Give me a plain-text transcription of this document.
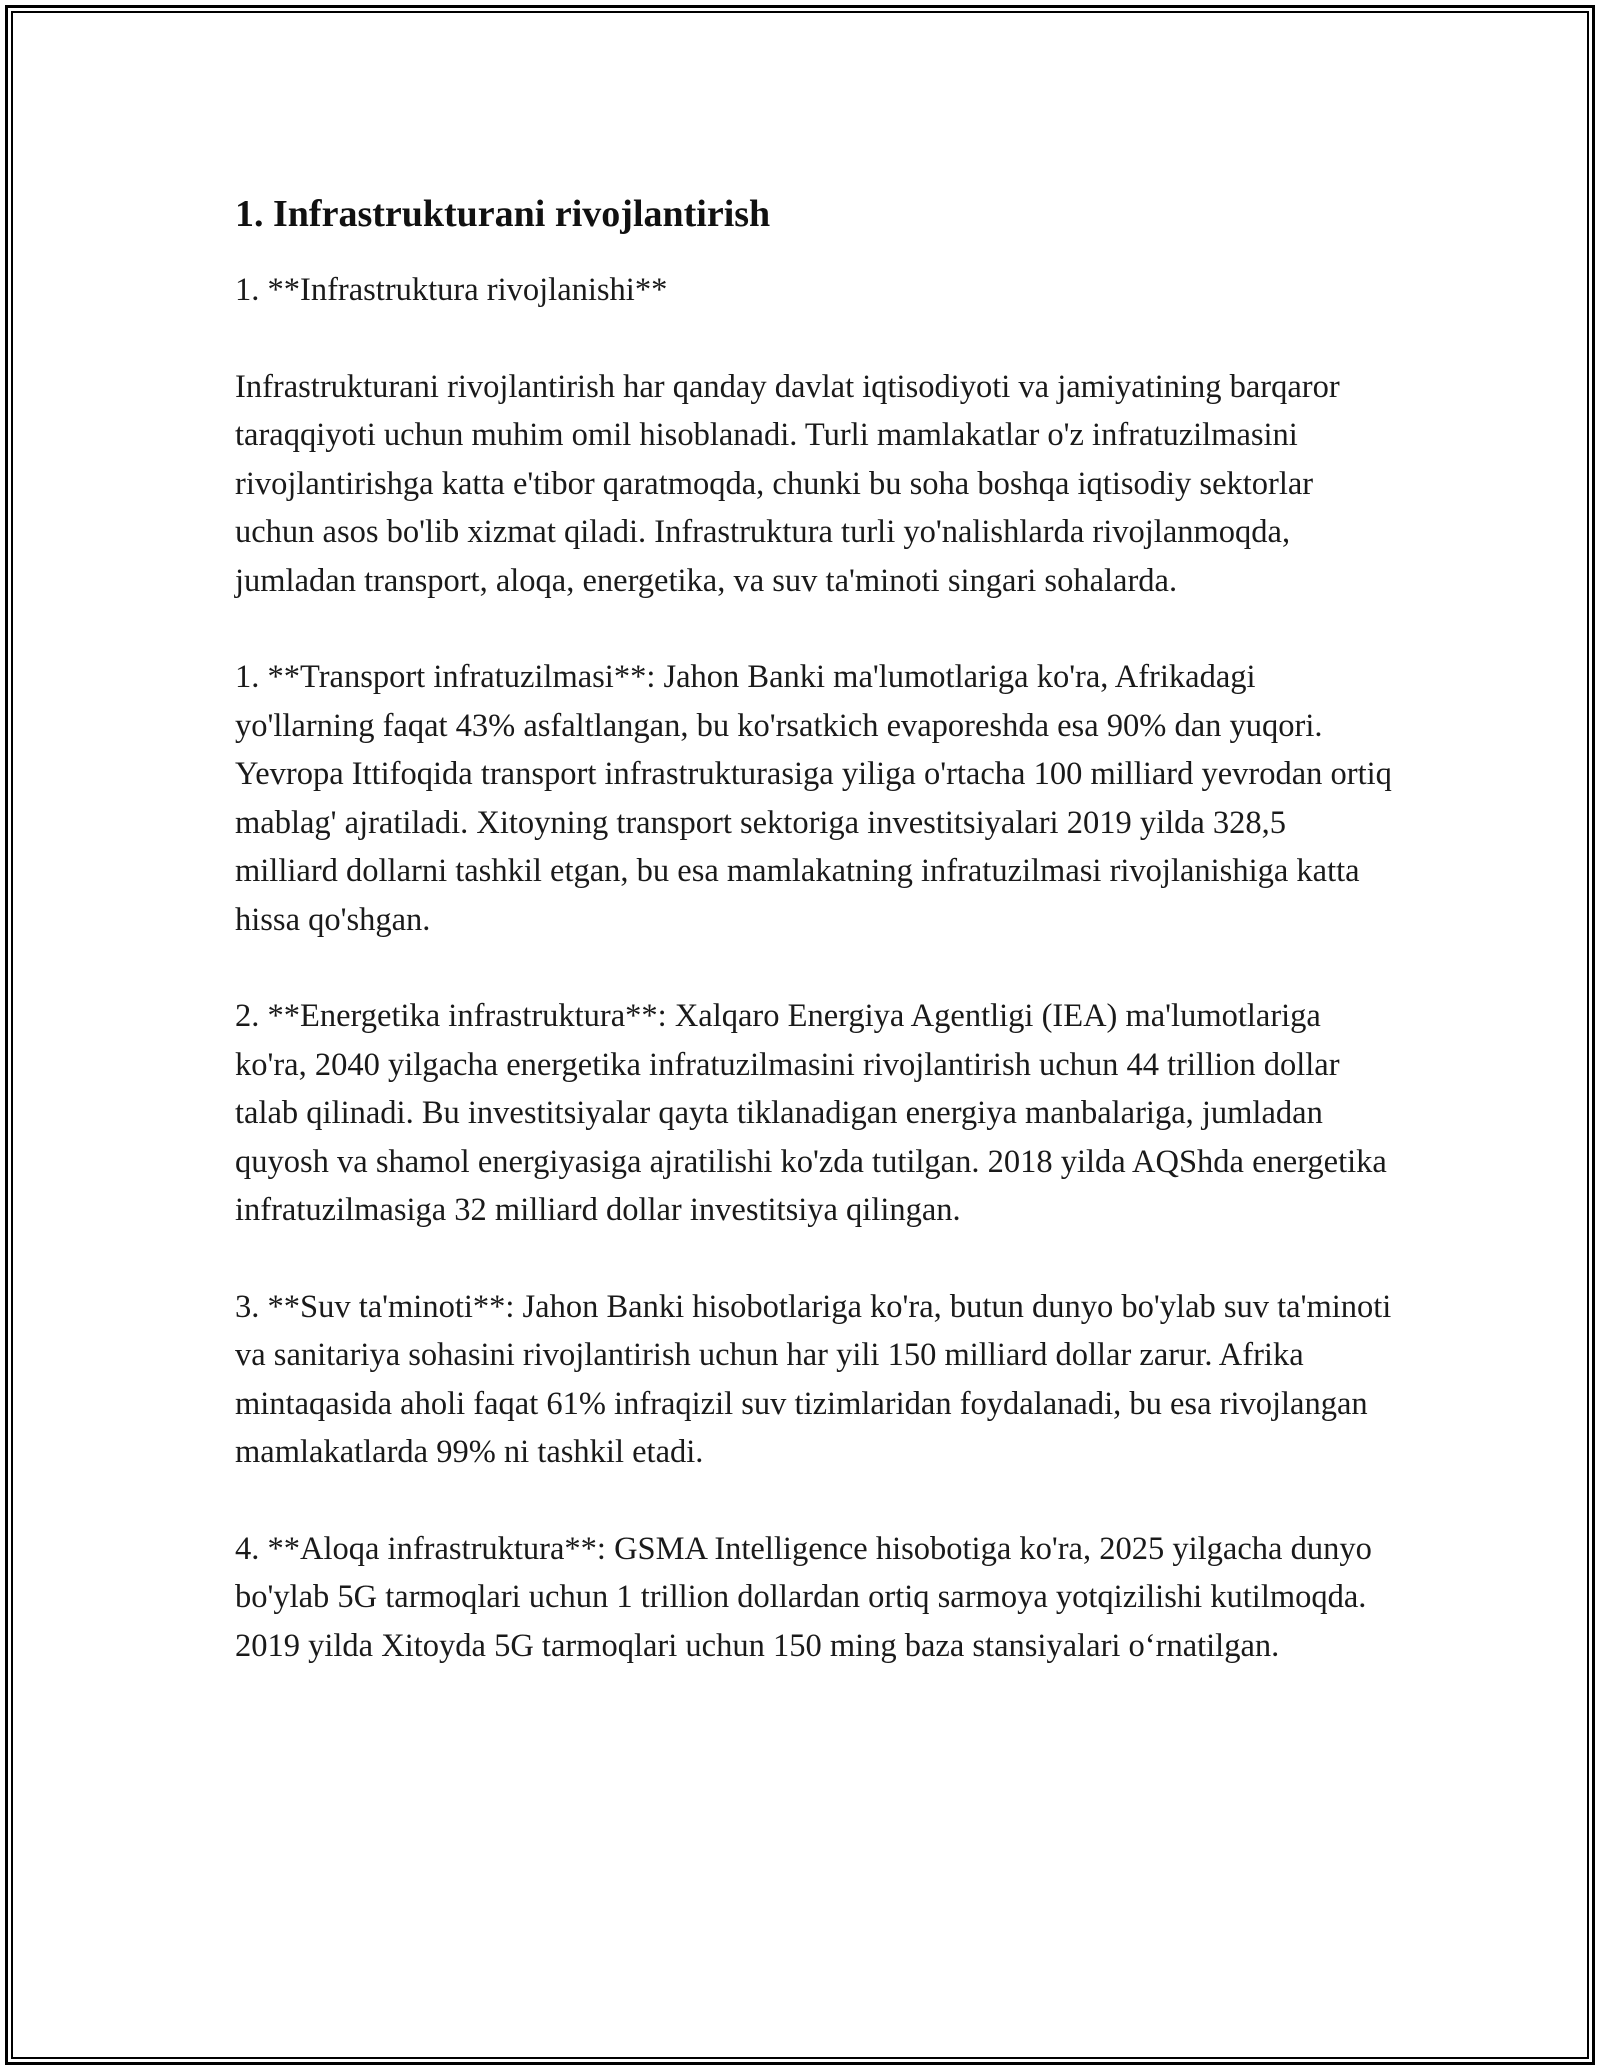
1. Infrastrukturani rivojlantirish

1. **Infrastruktura rivojlanishi**

Infrastrukturani rivojlantirish har qanday davlat iqtisodiyoti va jamiyatining barqaror taraqqiyoti uchun muhim omil hisoblanadi. Turli mamlakatlar o'z infratuzilmasini rivojlantirishga katta e'tibor qaratmoqda, chunki bu soha boshqa iqtisodiy sektorlar uchun asos bo'lib xizmat qiladi. Infrastruktura turli yo'nalishlarda rivojlanmoqda, jumladan transport, aloqa, energetika, va suv ta'minoti singari sohalarda.

1. **Transport infratuzilmasi**: Jahon Banki ma'lumotlariga ko'ra, Afrikadagi yo'llarning faqat 43% asfaltlangan, bu ko'rsatkich evaporeshda esa 90% dan yuqori. Yevropa Ittifoqida transport infrastrukturasiga yiliga o'rtacha 100 milliard yevrodan ortiq mablag' ajratiladi. Xitoyning transport sektoriga investitsiyalari 2019 yilda 328,5 milliard dollarni tashkil etgan, bu esa mamlakatning infratuzilmasi rivojlanishiga katta hissa qo'shgan.

2. **Energetika infrastruktura**: Xalqaro Energiya Agentligi (IEA) ma'lumotlariga ko'ra, 2040 yilgacha energetika infratuzilmasini rivojlantirish uchun 44 trillion dollar talab qilinadi. Bu investitsiyalar qayta tiklanadigan energiya manbalariga, jumladan quyosh va shamol energiyasiga ajratilishi ko'zda tutilgan. 2018 yilda AQShda energetika infratuzilmasiga 32 milliard dollar investitsiya qilingan.

3. **Suv ta'minoti**: Jahon Banki hisobotlariga ko'ra, butun dunyo bo'ylab suv ta'minoti va sanitariya sohasini rivojlantirish uchun har yili 150 milliard dollar zarur. Afrika mintaqasida aholi faqat 61% infraqizil suv tizimlaridan foydalanadi, bu esa rivojlangan mamlakatlarda 99% ni tashkil etadi.

4. **Aloqa infrastruktura**: GSMA Intelligence hisobotiga ko'ra, 2025 yilgacha dunyo bo'ylab 5G tarmoqlari uchun 1 trillion dollardan ortiq sarmoya yotqizilishi kutilmoqda. 2019 yilda Xitoyda 5G tarmoqlari uchun 150 ming baza stansiyalari o‘rnatilgan.
